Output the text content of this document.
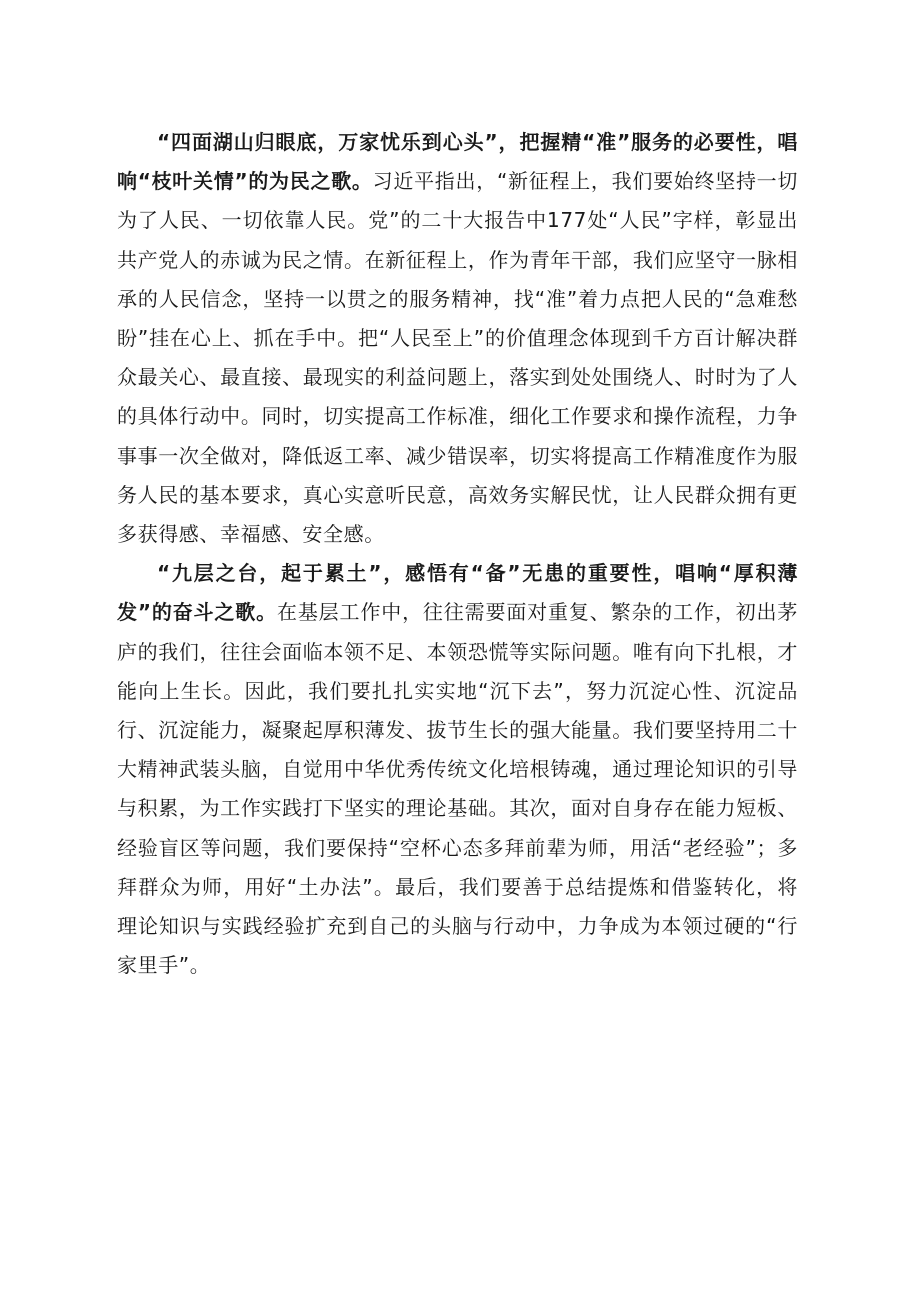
“四面湖山归眼底，万家忧乐到心头”，把握精“准”服务的必要性，唱响“枝叶关情”的为民之歌。习近平指出，“新征程上，我们要始终坚持一切为了人民、一切依靠人民。党”的二十大报告中177处“人民”字样，彰显出共产党人的赤诚为民之情。在新征程上，作为青年干部，我们应坚守一脉相承的人民信念，坚持一以贯之的服务精神，找“准”着力点把人民的“急难愁盼”挂在心上、抓在手中。把“人民至上”的价值理念体现到千方百计解决群众最关心、最直接、最现实的利益问题上，落实到处处围绕人、时时为了人的具体行动中。同时，切实提高工作标准，细化工作要求和操作流程，力争事事一次全做对，降低返工率、减少错误率，切实将提高工作精准度作为服务人民的基本要求，真心实意听民意，高效务实解民忧，让人民群众拥有更多获得感、幸福感、安全感。

“九层之台，起于累土”，感悟有“备”无患的重要性，唱响“厚积薄发”的奋斗之歌。在基层工作中，往往需要面对重复、繁杂的工作，初出茅庐的我们，往往会面临本领不足、本领恐慌等实际问题。唯有向下扎根，才能向上生长。因此，我们要扎扎实实地“沉下去”，努力沉淀心性、沉淀品行、沉淀能力，凝聚起厚积薄发、拔节生长的强大能量。我们要坚持用二十大精神武装头脑，自觉用中华优秀传统文化培根铸魂，通过理论知识的引导与积累，为工作实践打下坚实的理论基础。其次，面对自身存在能力短板、经验盲区等问题，我们要保持“空杯心态多拜前辈为师，用活“老经验”；多拜群众为师，用好“土办法”。最后，我们要善于总结提炼和借鉴转化，将理论知识与实践经验扩充到自己的头脑与行动中，力争成为本领过硬的“行家里手”。
